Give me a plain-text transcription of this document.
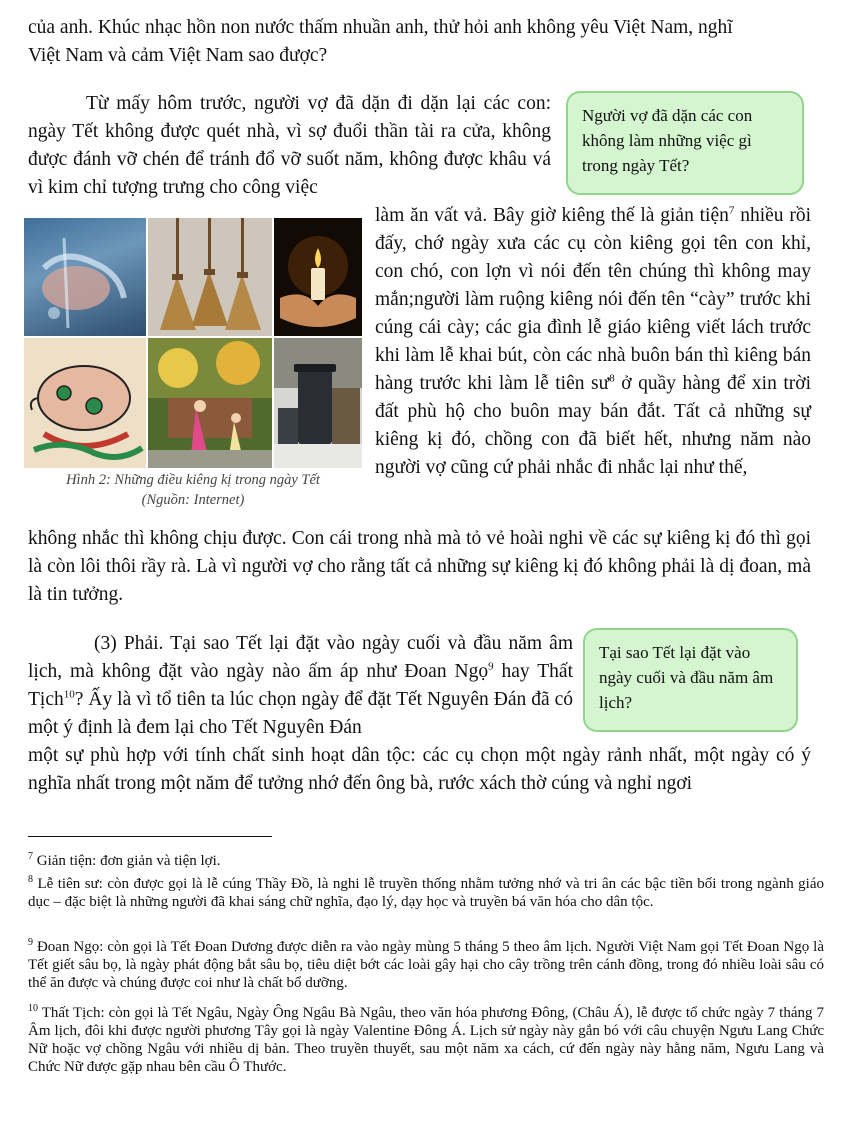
của anh. Khúc nhạc hồn non nước thấm nhuần anh, thử hỏi anh không yêu Việt Nam, nghĩ

Việt Nam và cảm Việt Nam sao được?

Từ mấy hôm trước, người vợ đã dặn đi dặn lại các con: ngày Tết không được quét nhà, vì sợ đuổi thần tài ra cửa, không được đánh vỡ chén để tránh đổ vỡ suốt năm, không được khâu vá vì kim chỉ tượng trưng cho công việc

Người vợ đã dặn các con không làm những việc gì trong ngày Tết?
Hình 2: Những điều kiêng kị trong ngày Tết
(Nguồn: Internet)

làm ăn vất vả. Bây giờ kiêng thế là giản tiện$^7$ nhiều rồi đấy, chớ ngày xưa các cụ còn kiêng gọi tên con khỉ, con chó, con lợn vì nói đến tên chúng thì không may mắn;người làm ruộng kiêng nói đến tên “cày” trước khi cúng cái cày; các gia đình lễ giáo kiêng viết lách trước khi làm lễ khai bút, còn các nhà buôn bán thì kiêng bán hàng trước khi làm lễ tiên $sư^8$ ở quầy hàng để xin trời đất phù hộ cho buôn may bán đắt. Tất cả những sự kiêng kị đó, chồng con đã biết hết, nhưng năm nào người vợ cũng cứ phải nhắc đi nhắc lại như thế,

không nhắc thì không chịu được. Con cái trong nhà mà tỏ vẻ hoài nghi về các sự kiêng kị đó thì gọi là còn lôi thôi rầy rà. Là vì người vợ cho rằng tất cả những sự kiêng kị đó không phải là dị đoan, mà là tin tưởng.

(3) Phải. Tại sao Tết lại đặt vào ngày cuối và đầu năm âm lịch, mà không đặt vào ngày nào ấm áp như Đoan Ngọ$^9$ hay Thất Tịch$^{10}$? Ấy là vì tổ tiên ta lúc chọn ngày để đặt Tết Nguyên Đán đã có một ý định là đem lại cho Tết Nguyên Đán

Tại sao Tết lại đặt vào ngày cuối và đầu năm âm lịch?

một sự phù hợp với tính chất sinh hoạt dân tộc: các cụ chọn một ngày rảnh nhất, một ngày có ý nghĩa nhất trong một năm để tưởng nhớ đến ông bà, rước xách thờ cúng và nghỉ ngơi

$^7$ Giản tiện: đơn giản và tiện lợi.

$^8$ Lễ tiên sư: còn được gọi là lễ cúng Thầy Đồ, là nghi lễ truyền thống nhằm tưởng nhớ và tri ân các bậc tiền bối trong ngành giáo dục – đặc biệt là những người đã khai sáng chữ nghĩa, đạo lý, dạy học và truyền bá văn hóa cho dân tộc.

$^9$ Đoan Ngọ: còn gọi là Tết Đoan Dương được diễn ra vào ngày mùng 5 tháng 5 theo âm lịch. Người Việt Nam gọi Tết Đoan Ngọ là Tết giết sâu bọ, là ngày phát động bắt sâu bọ, tiêu diệt bớt các loài gây hại cho cây trồng trên cánh đồng, trong đó nhiều loài sâu có thể ăn được và chúng được coi như là chất bổ dưỡng.

$^{10}$ Thất Tịch: còn gọi là Tết Ngâu, Ngày Ông Ngâu Bà Ngâu, theo văn hóa phương Đông, (Châu Á), lễ được tổ chức ngày 7 tháng 7 Âm lịch, đôi khi được người phương Tây gọi là ngày Valentine Đông Á. Lịch sử ngày này gắn bó với câu chuyện Ngưu Lang Chức Nữ hoặc vợ chồng Ngâu với nhiều dị bản. Theo truyền thuyết, sau một năm xa cách, cứ đến ngày này hằng năm, Ngưu Lang và Chức Nữ được gặp nhau bên cầu Ô Thước.
